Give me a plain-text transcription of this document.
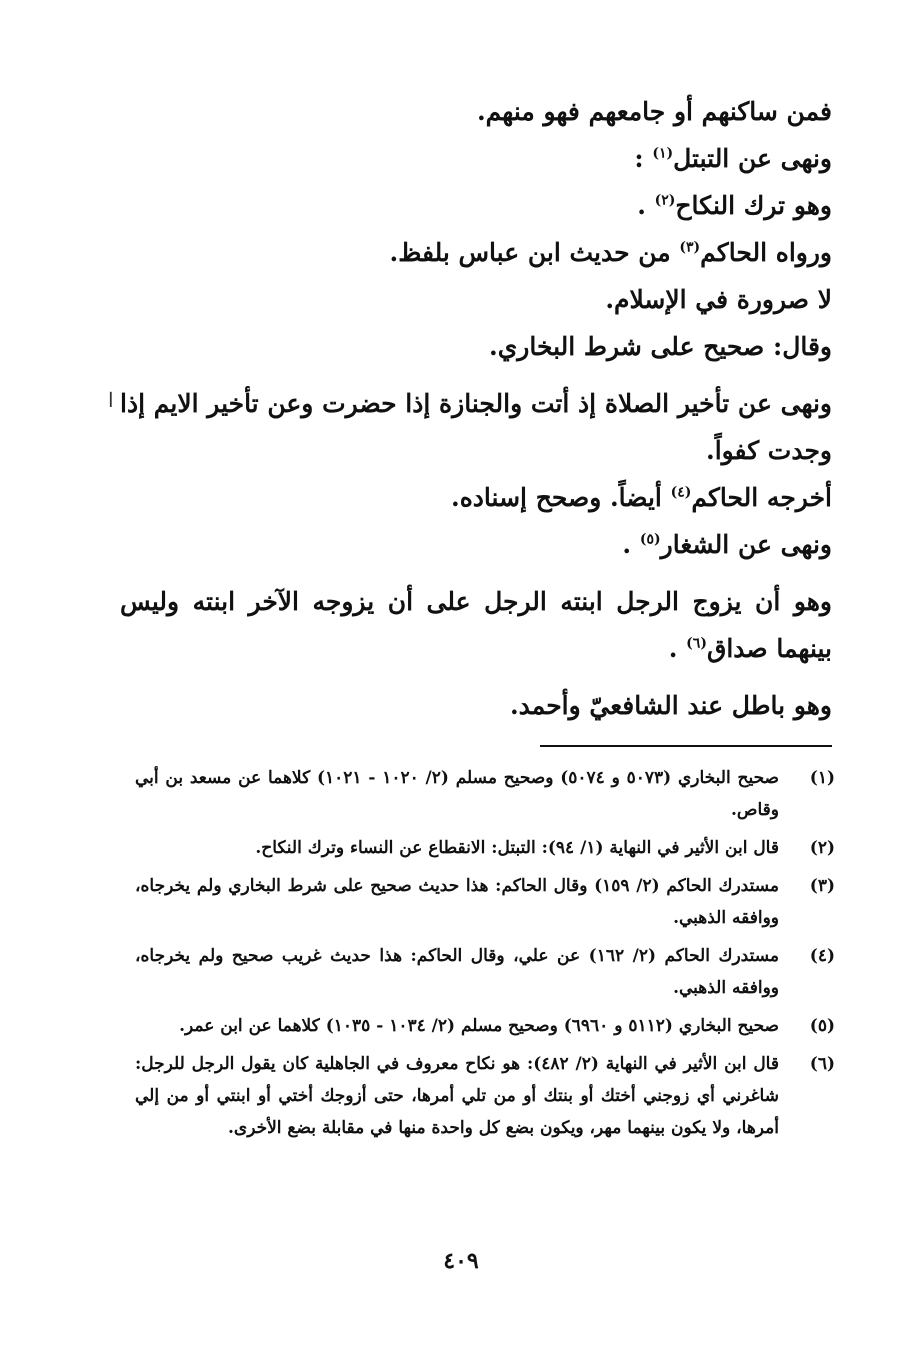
فمن ساكنهم أو جامعهم فهو منهم.
ونهى عن التبتل$^{(١)}$ :
وهو ترك النكاح$^{(٢)}$ .
ورواه الحاكم$^{(٣)}$ من حديث ابن عباس بلفظ.
لا صرورة في الإسلام.
وقال: صحيح على شرط البخاري.
ونهى عن تأخير الصلاة إذ أتت والجنازة إذا حضرت وعن تأخير الايم إذا وجدت كفواً.
أخرجه الحاكم$^{(٤)}$ أيضاً. وصحح إسناده.
ونهى عن الشغار$^{(٥)}$ .
وهو أن يزوج الرجل ابنته الرجل على أن يزوجه الآخر ابنته وليس بينهما صداق$^{(٦)}$ .
وهو باطل عند الشافعيّ وأحمد.
ا
(١)
صحيح البخاري (٥٠٧٣ و ٥٠٧٤) وصحيح مسلم (٢/ ١٠٢٠ - ١٠٢١) كلاهما عن مسعد بن أبي وقاص.
(٢)
قال ابن الأثير في النهاية (١/ ٩٤): التبتل: الانقطاع عن النساء وترك النكاح.
(٣)
مستدرك الحاكم (٢/ ١٥٩) وقال الحاكم: هذا حديث صحيح على شرط البخاري ولم يخرجاه، ووافقه الذهبي.
(٤)
مستدرك الحاكم (٢/ ١٦٢) عن علي، وقال الحاكم: هذا حديث غريب صحيح ولم يخرجاه، ووافقه الذهبي.
(٥)
صحيح البخاري (٥١١٢ و ٦٩٦٠) وصحيح مسلم (٢/ ١٠٣٤ - ١٠٣٥) كلاهما عن ابن عمر.
(٦)
قال ابن الأثير في النهاية (٢/ ٤٨٢): هو نكاح معروف في الجاهلية كان يقول الرجل للرجل: شاغرني أي زوجني أختك أو بنتك أو من تلي أمرها، حتى أزوجك أختي أو ابنتي أو من إلي أمرها، ولا يكون بينهما مهر، ويكون بضع كل واحدة منها في مقابلة بضع الأخرى.
٤٠٩
